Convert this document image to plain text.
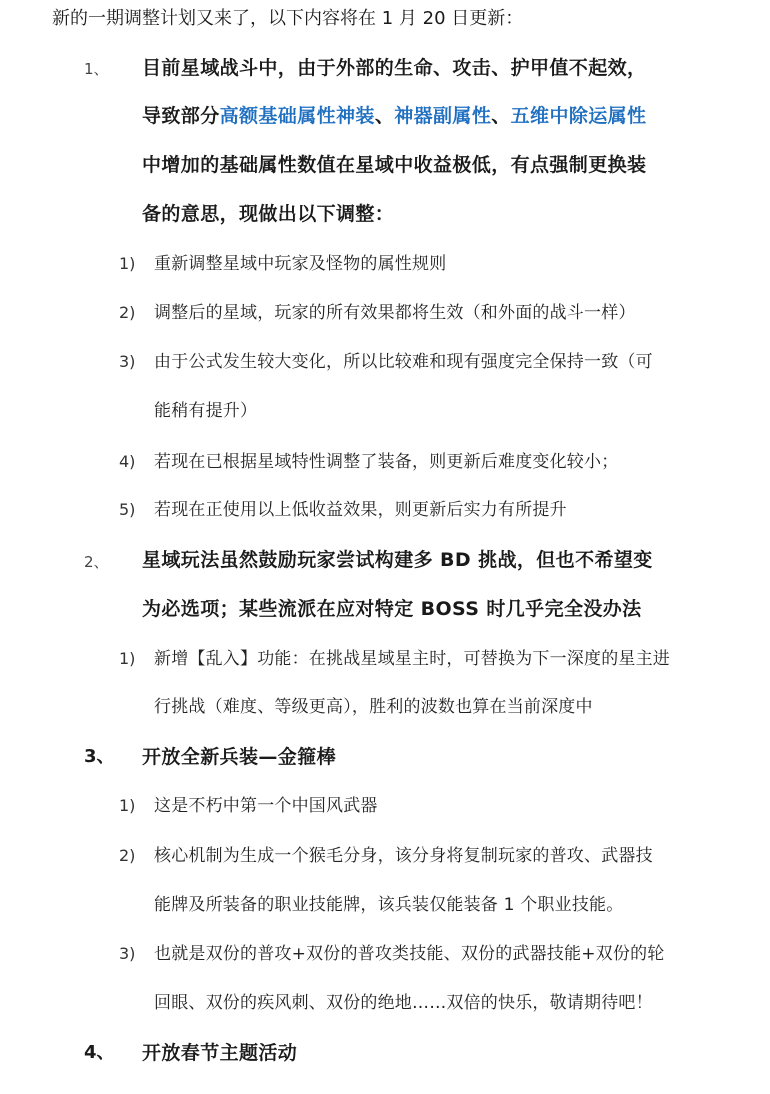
新的一期调整计划又来了，以下内容将在 1 月 20 日更新：
1、 目前星域战斗中，由于外部的生命、攻击、护甲值不起效，
导致部分高额基础属性神装、神器副属性、五维中除运属性
中增加的基础属性数值在星域中收益极低，有点强制更换装
备的意思，现做出以下调整：
1) 重新调整星域中玩家及怪物的属性规则
2) 调整后的星域，玩家的所有效果都将生效（和外面的战斗一样）
3) 由于公式发生较大变化，所以比较难和现有强度完全保持一致（可
能稍有提升）
4) 若现在已根据星域特性调整了装备，则更新后难度变化较小；
5) 若现在正使用以上低收益效果，则更新后实力有所提升
2、 星域玩法虽然鼓励玩家尝试构建多 BD 挑战，但也不希望变
为必选项；某些流派在应对特定 BOSS 时几乎完全没办法
1) 新增【乱入】功能：在挑战星域星主时，可替换为下一深度的星主进
行挑战（难度、等级更高），胜利的波数也算在当前深度中
3、 开放全新兵装—金箍棒
1) 这是不朽中第一个中国风武器
2) 核心机制为生成一个猴毛分身，该分身将复制玩家的普攻、武器技
能牌及所装备的职业技能牌，该兵装仅能装备 1 个职业技能。
3) 也就是双份的普攻+双份的普攻类技能、双份的武器技能+双份的轮
回眼、双份的疾风刺、双份的绝地……双倍的快乐，敬请期待吧！
4、 开放春节主题活动
